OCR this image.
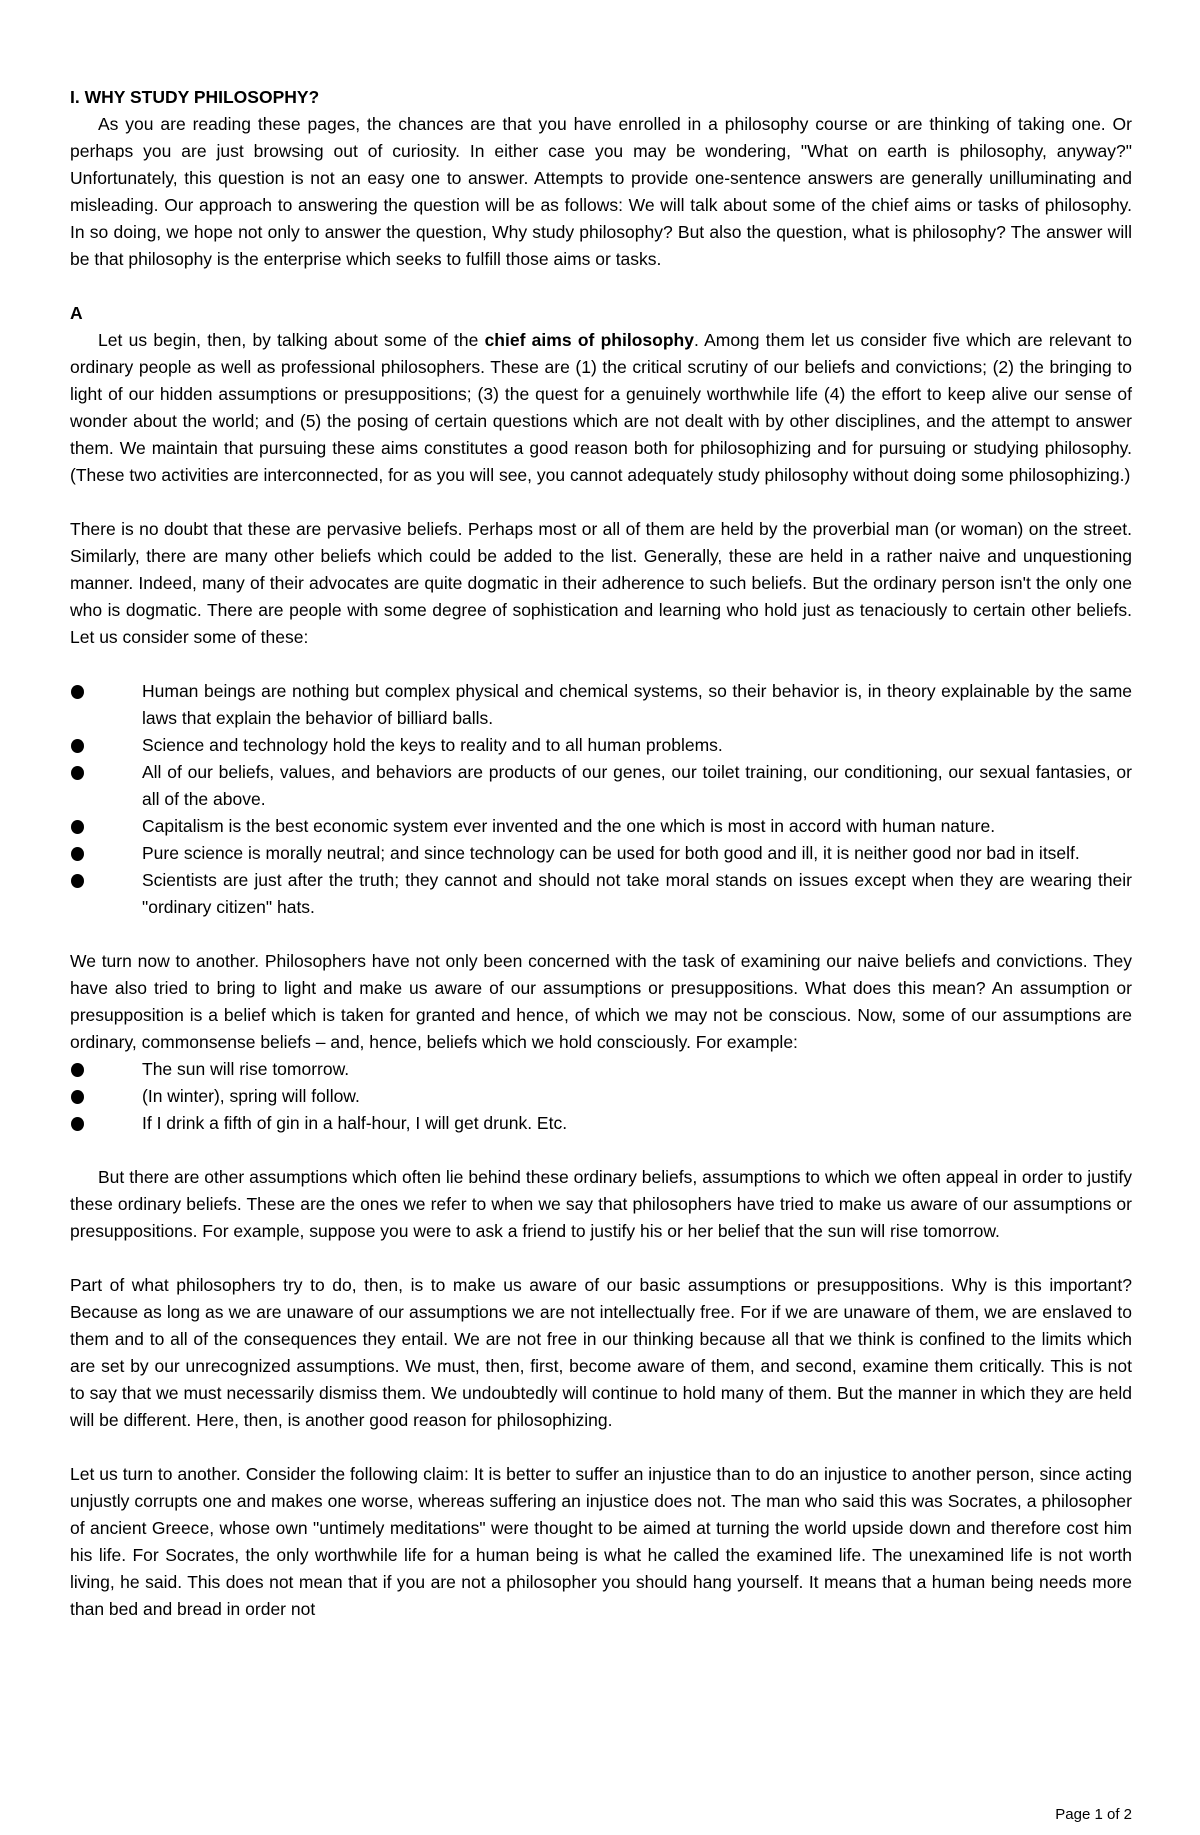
I. WHY STUDY PHILOSOPHY?

As you are reading these pages, the chances are that you have enrolled in a philosophy course or are thinking of taking one. Or perhaps you are just browsing out of curiosity. In either case you may be wondering, "What on earth is philosophy, anyway?" Unfortunately, this question is not an easy one to answer. Attempts to provide one-sentence answers are generally unilluminating and misleading. Our approach to answering the question will be as follows: We will talk about some of the chief aims or tasks of philosophy. In so doing, we hope not only to answer the question, Why study philosophy? But also the question, what is philosophy? The answer will be that philosophy is the enterprise which seeks to fulfill those aims or tasks.

A

Let us begin, then, by talking about some of the chief aims of philosophy. Among them let us consider five which are relevant to ordinary people as well as professional philosophers. These are (1) the critical scrutiny of our beliefs and convictions; (2) the bringing to light of our hidden assumptions or presuppositions; (3) the quest for a genuinely worthwhile life (4) the effort to keep alive our sense of wonder about the world; and (5) the posing of certain questions which are not dealt with by other disciplines, and the attempt to answer them. We maintain that pursuing these aims constitutes a good reason both for philosophizing and for pursuing or studying philosophy. (These two activities are interconnected, for as you will see, you cannot adequately study philosophy without doing some philosophizing.)

There is no doubt that these are pervasive beliefs. Perhaps most or all of them are held by the proverbial man (or woman) on the street. Similarly, there are many other beliefs which could be added to the list. Generally, these are held in a rather naive and unquestioning manner. Indeed, many of their advocates are quite dogmatic in their adherence to such beliefs. But the ordinary person isn't the only one who is dogmatic. There are people with some degree of sophistication and learning who hold just as tenaciously to certain other beliefs. Let us consider some of these:

Human beings are nothing but complex physical and chemical systems, so their behavior is, in theory explainable by the same laws that explain the behavior of billiard balls.
Science and technology hold the keys to reality and to all human problems.
All of our beliefs, values, and behaviors are products of our genes, our toilet training, our conditioning, our sexual fantasies, or all of the above.
Capitalism is the best economic system ever invented and the one which is most in accord with human nature.
Pure science is morally neutral; and since technology can be used for both good and ill, it is neither good nor bad in itself.
Scientists are just after the truth; they cannot and should not take moral stands on issues except when they are wearing their "ordinary citizen" hats.

We turn now to another. Philosophers have not only been concerned with the task of examining our naive beliefs and convictions. They have also tried to bring to light and make us aware of our assumptions or presuppositions. What does this mean? An assumption or presupposition is a belief which is taken for granted and hence, of which we may not be conscious. Now, some of our assumptions are ordinary, commonsense beliefs – and, hence, beliefs which we hold consciously. For example:

The sun will rise tomorrow.
(In winter), spring will follow.
If I drink a fifth of gin in a half-hour, I will get drunk. Etc.

But there are other assumptions which often lie behind these ordinary beliefs, assumptions to which we often appeal in order to justify these ordinary beliefs. These are the ones we refer to when we say that philosophers have tried to make us aware of our assumptions or presuppositions. For example, suppose you were to ask a friend to justify his or her belief that the sun will rise tomorrow.

Part of what philosophers try to do, then, is to make us aware of our basic assumptions or presuppositions. Why is this important? Because as long as we are unaware of our assumptions we are not intellectually free. For if we are unaware of them, we are enslaved to them and to all of the consequences they entail. We are not free in our thinking because all that we think is confined to the limits which are set by our unrecognized assumptions. We must, then, first, become aware of them, and second, examine them critically. This is not to say that we must necessarily dismiss them. We undoubtedly will continue to hold many of them. But the manner in which they are held will be different. Here, then, is another good reason for philosophizing.

Let us turn to another. Consider the following claim: It is better to suffer an injustice than to do an injustice to another person, since acting unjustly corrupts one and makes one worse, whereas suffering an injustice does not. The man who said this was Socrates, a philosopher of ancient Greece, whose own "untimely meditations" were thought to be aimed at turning the world upside down and therefore cost him his life. For Socrates, the only worthwhile life for a human being is what he called the examined life. The unexamined life is not worth living, he said. This does not mean that if you are not a philosopher you should hang yourself. It means that a human being needs more than bed and bread in order not

Page 1 of 2
